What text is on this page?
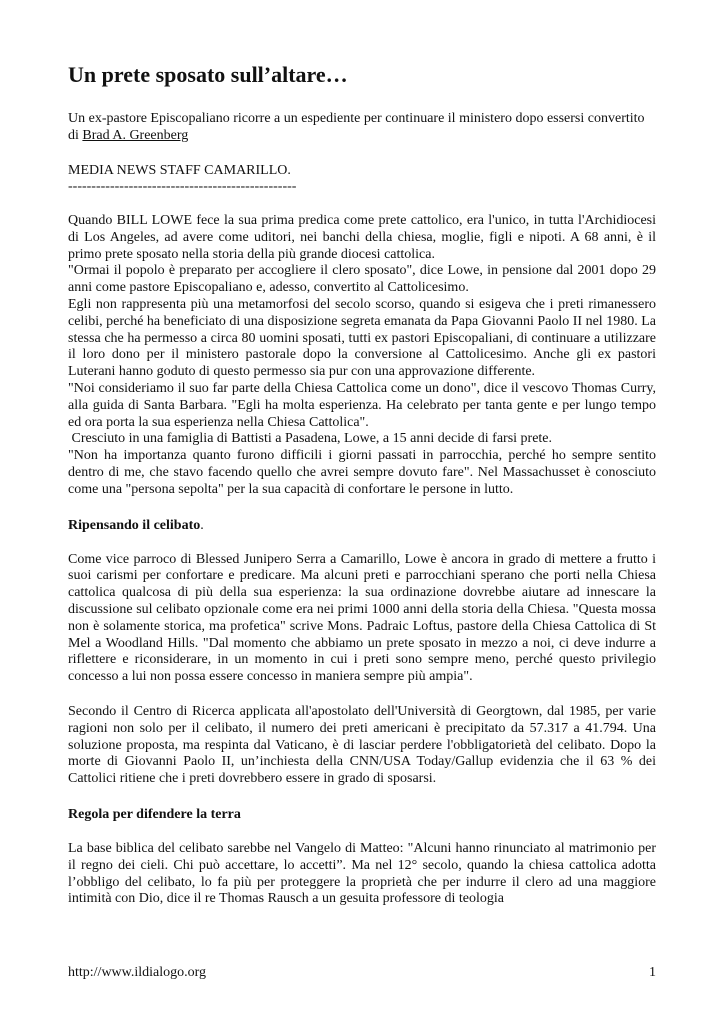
Un prete sposato sull’altare…

Un ex-pastore Episcopaliano ricorre a un espediente per continuare il ministero dopo essersi convertito

di Brad A. Greenberg

MEDIA NEWS STAFF CAMARILLO.

-------------------------------------------------

Quando BILL LOWE fece la sua prima predica come prete cattolico, era l'unico, in tutta l'Archidiocesi di Los Angeles, ad avere come uditori, nei banchi della chiesa, moglie, figli e nipoti. A 68 anni, è il primo prete sposato nella storia della più grande diocesi cattolica.

"Ormai il popolo è preparato per accogliere il clero sposato", dice Lowe, in pensione dal 2001 dopo 29 anni come pastore Episcopaliano e, adesso, convertito al Cattolicesimo.

Egli non rappresenta più una metamorfosi del secolo scorso, quando si esigeva che i preti rimanessero celibi, perché ha beneficiato di una disposizione segreta emanata da Papa Giovanni Paolo II nel 1980. La stessa che ha permesso a circa 80 uomini sposati, tutti ex pastori Episcopaliani, di continuare a utilizzare il loro dono per il ministero pastorale dopo la conversione al Cattolicesimo. Anche gli ex pastori Luterani hanno goduto di questo permesso sia pur con una approvazione differente.

"Noi consideriamo il suo far parte della Chiesa Cattolica come un dono", dice il vescovo Thomas Curry, alla guida di Santa Barbara. "Egli ha molta esperienza. Ha celebrato per tanta gente e per lungo tempo ed ora porta la sua esperienza nella Chiesa Cattolica".

Cresciuto in una famiglia di Battisti a Pasadena, Lowe, a 15 anni decide di farsi prete.

"Non ha importanza quanto furono difficili i giorni passati in parrocchia, perché ho sempre sentito dentro di me, che stavo facendo quello che avrei sempre dovuto fare". Nel Massachusset è conosciuto come una "persona sepolta" per la sua capacità di confortare le persone in lutto.

Ripensando il celibato.

Come vice parroco di Blessed Junipero Serra a Camarillo, Lowe è ancora in grado di mettere a frutto i suoi carismi per confortare e predicare. Ma alcuni preti e parrocchiani sperano che porti nella Chiesa cattolica qualcosa di più della sua esperienza: la sua ordinazione dovrebbe aiutare ad innescare la discussione sul celibato opzionale come era nei primi 1000 anni della storia della Chiesa. "Questa mossa non è solamente storica, ma profetica" scrive Mons. Padraic Loftus, pastore della Chiesa Cattolica di St Mel a Woodland Hills. "Dal momento che abbiamo un prete sposato in mezzo a noi, ci deve indurre a riflettere e riconsiderare, in un momento in cui i preti sono sempre meno, perché questo privilegio concesso a lui non possa essere concesso in maniera sempre più ampia".

Secondo il Centro di Ricerca applicata all'apostolato dell'Università di Georgtown, dal 1985, per varie ragioni non solo per il celibato, il numero dei preti americani è precipitato da 57.317 a 41.794. Una soluzione proposta, ma respinta dal Vaticano, è di lasciar perdere l'obbligatorietà del celibato. Dopo la morte di Giovanni Paolo II, un’inchiesta della CNN/USA Today/Gallup evidenzia che il 63 % dei Cattolici ritiene che i preti dovrebbero essere in grado di sposarsi.

Regola per difendere la terra

La base biblica del celibato sarebbe nel Vangelo di Matteo: "Alcuni hanno rinunciato al matrimonio per il regno dei cieli. Chi può accettare, lo accetti”. Ma nel 12° secolo, quando la chiesa cattolica adotta l’obbligo del celibato, lo fa più per proteggere la proprietà che per indurre il clero ad una maggiore intimità con Dio, dice il re Thomas Rausch a un gesuita professore di teologia

http://www.ildialogo.org	1
